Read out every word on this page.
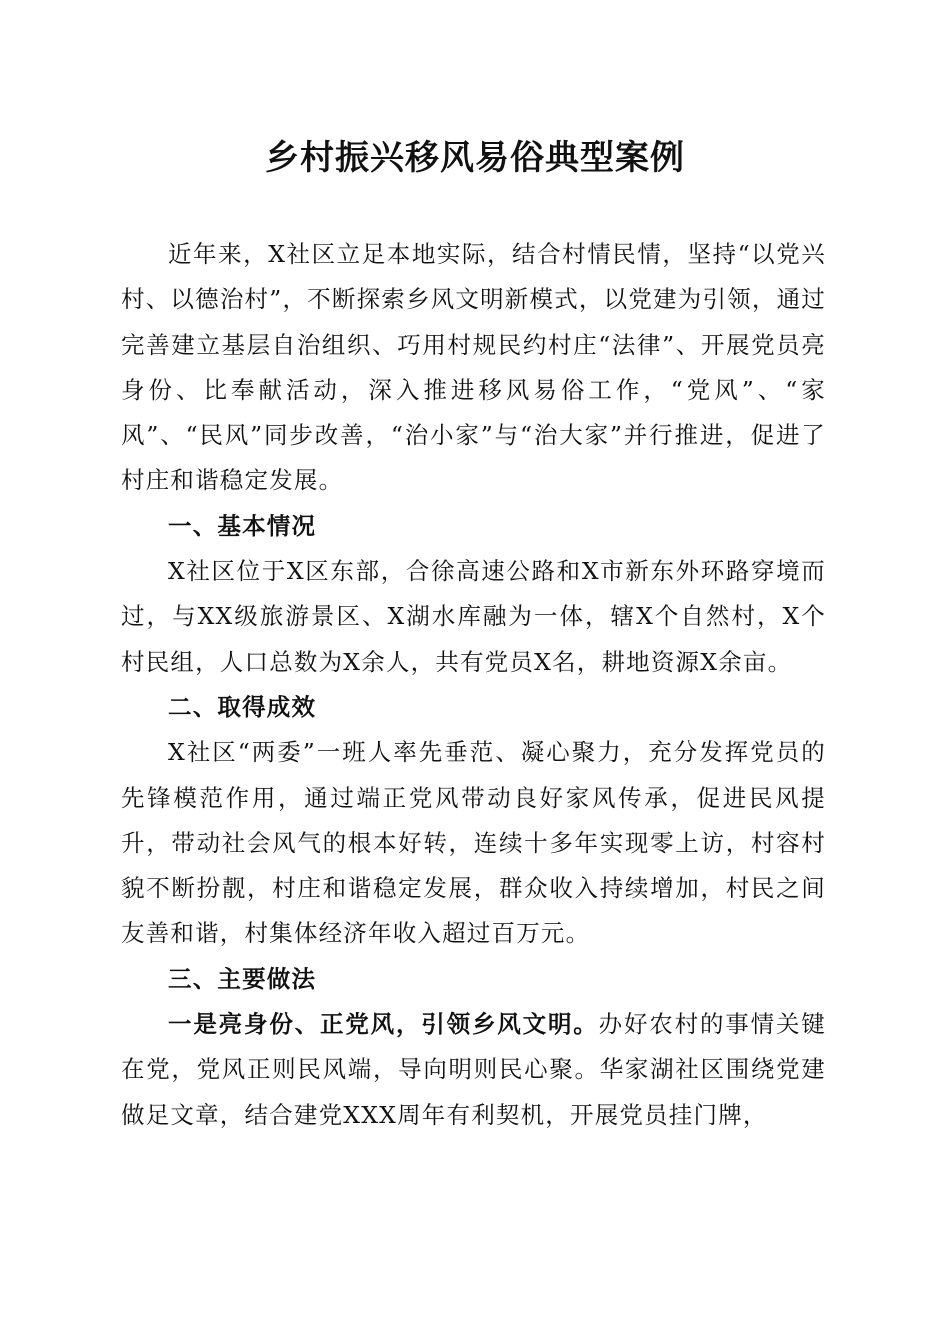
乡村振兴移风易俗典型案例

近年来，X社区立足本地实际，结合村情民情，坚持“以党兴村、以德治村”，不断探索乡风文明新模式，以党建为引领，通过完善建立基层自治组织、巧用村规民约村庄“法律”、开展党员亮身份、比奉献活动，深入推进移风易俗工作，“党风”、“家风”、“民风”同步改善，“治小家”与“治大家”并行推进，促进了村庄和谐稳定发展。

一、基本情况

X社区位于X区东部，合徐高速公路和X市新东外环路穿境而过，与XX级旅游景区、X湖水库融为一体，辖X个自然村，X个村民组，人口总数为X余人，共有党员X名，耕地资源X余亩。

二、取得成效

X社区“两委”一班人率先垂范、凝心聚力，充分发挥党员的先锋模范作用，通过端正党风带动良好家风传承，促进民风提升，带动社会风气的根本好转，连续十多年实现零上访，村容村貌不断扮靓，村庄和谐稳定发展，群众收入持续增加，村民之间友善和谐，村集体经济年收入超过百万元。

三、主要做法

一是亮身份、正党风，引领乡风文明。办好农村的事情关键在党，党风正则民风端，导向明则民心聚。华家湖社区围绕党建做足文章，结合建党XXX周年有利契机，开展党员挂门牌，
